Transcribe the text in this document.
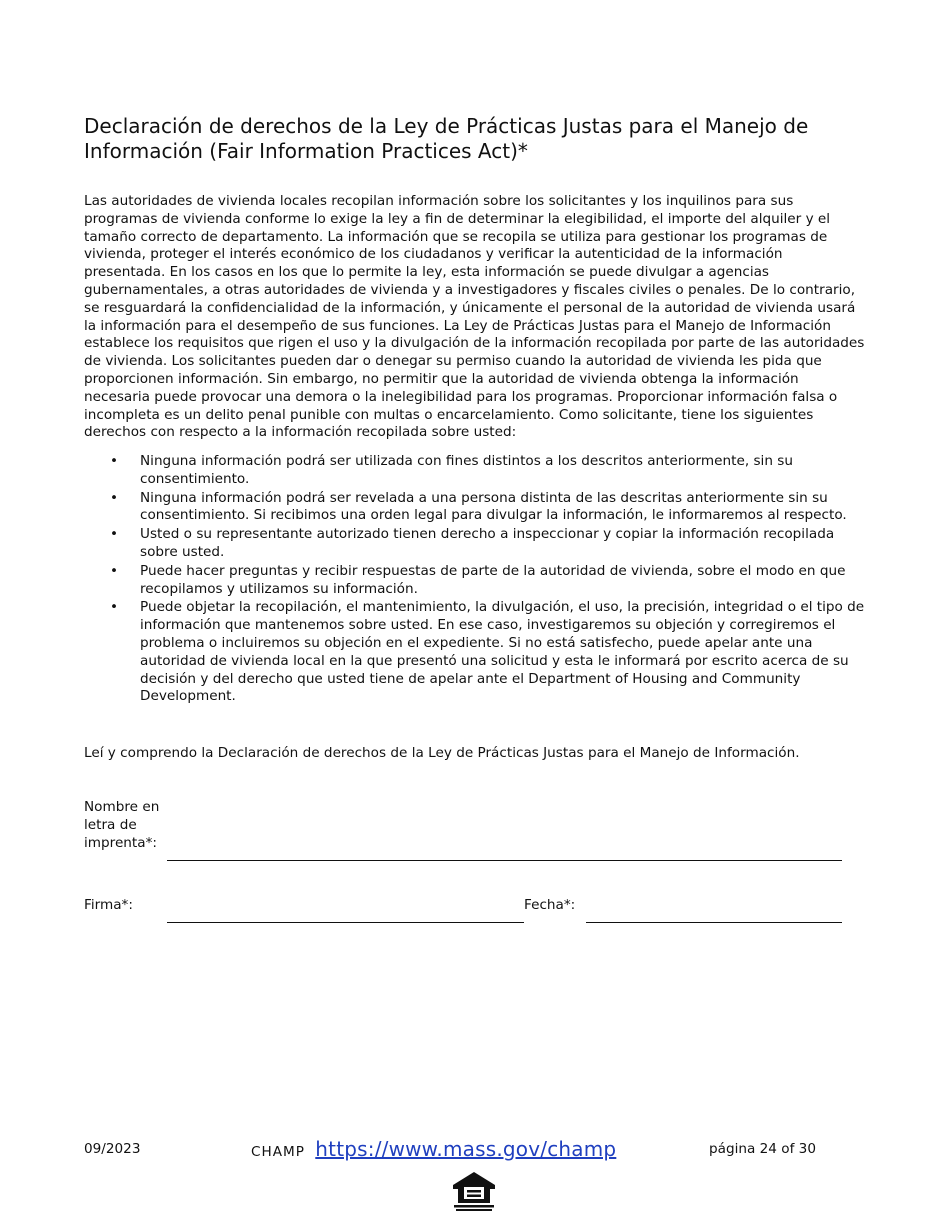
Declaración de derechos de la Ley de Prácticas Justas para el Manejo de Información (Fair Information Practices Act)*

Las autoridades de vivienda locales recopilan información sobre los solicitantes y los inquilinos para sus programas de vivienda conforme lo exige la ley a fin de determinar la elegibilidad, el importe del alquiler y el tamaño correcto de departamento. La información que se recopila se utiliza para gestionar los programas de vivienda, proteger el interés económico de los ciudadanos y verificar la autenticidad de la información presentada. En los casos en los que lo permite la ley, esta información se puede divulgar a agencias gubernamentales, a otras autoridades de vivienda y a investigadores y fiscales civiles o penales. De lo contrario, se resguardará la confidencialidad de la información, y únicamente el personal de la autoridad de vivienda usará la información para el desempeño de sus funciones. La Ley de Prácticas Justas para el Manejo de Información establece los requisitos que rigen el uso y la divulgación de la información recopilada por parte de las autoridades de vivienda. Los solicitantes pueden dar o denegar su permiso cuando la autoridad de vivienda les pida que proporcionen información. Sin embargo, no permitir que la autoridad de vivienda obtenga la información necesaria puede provocar una demora o la inelegibilidad para los programas. Proporcionar información falsa o incompleta es un delito penal punible con multas o encarcelamiento. Como solicitante, tiene los siguientes derechos con respecto a la información recopilada sobre usted:

• Ninguna información podrá ser utilizada con fines distintos a los descritos anteriormente, sin su consentimiento.
• Ninguna información podrá ser revelada a una persona distinta de las descritas anteriormente sin su consentimiento. Si recibimos una orden legal para divulgar la información, le informaremos al respecto.
• Usted o su representante autorizado tienen derecho a inspeccionar y copiar la información recopilada sobre usted.
• Puede hacer preguntas y recibir respuestas de parte de la autoridad de vivienda, sobre el modo en que recopilamos y utilizamos su información.
• Puede objetar la recopilación, el mantenimiento, la divulgación, el uso, la precisión, integridad o el tipo de información que mantenemos sobre usted. En ese caso, investigaremos su objeción y corregiremos el problema o incluiremos su objeción en el expediente. Si no está satisfecho, puede apelar ante una autoridad de vivienda local en la que presentó una solicitud y esta le informará por escrito acerca de su decisión y del derecho que usted tiene de apelar ante el Department of Housing and Community Development.

Leí y comprendo la Declaración de derechos de la Ley de Prácticas Justas para el Manejo de Información.

Nombre en letra de imprenta*:
Firma*:	Fecha*:
09/2023	CHAMP https://www.mass.gov/champ	página 24 of 30
